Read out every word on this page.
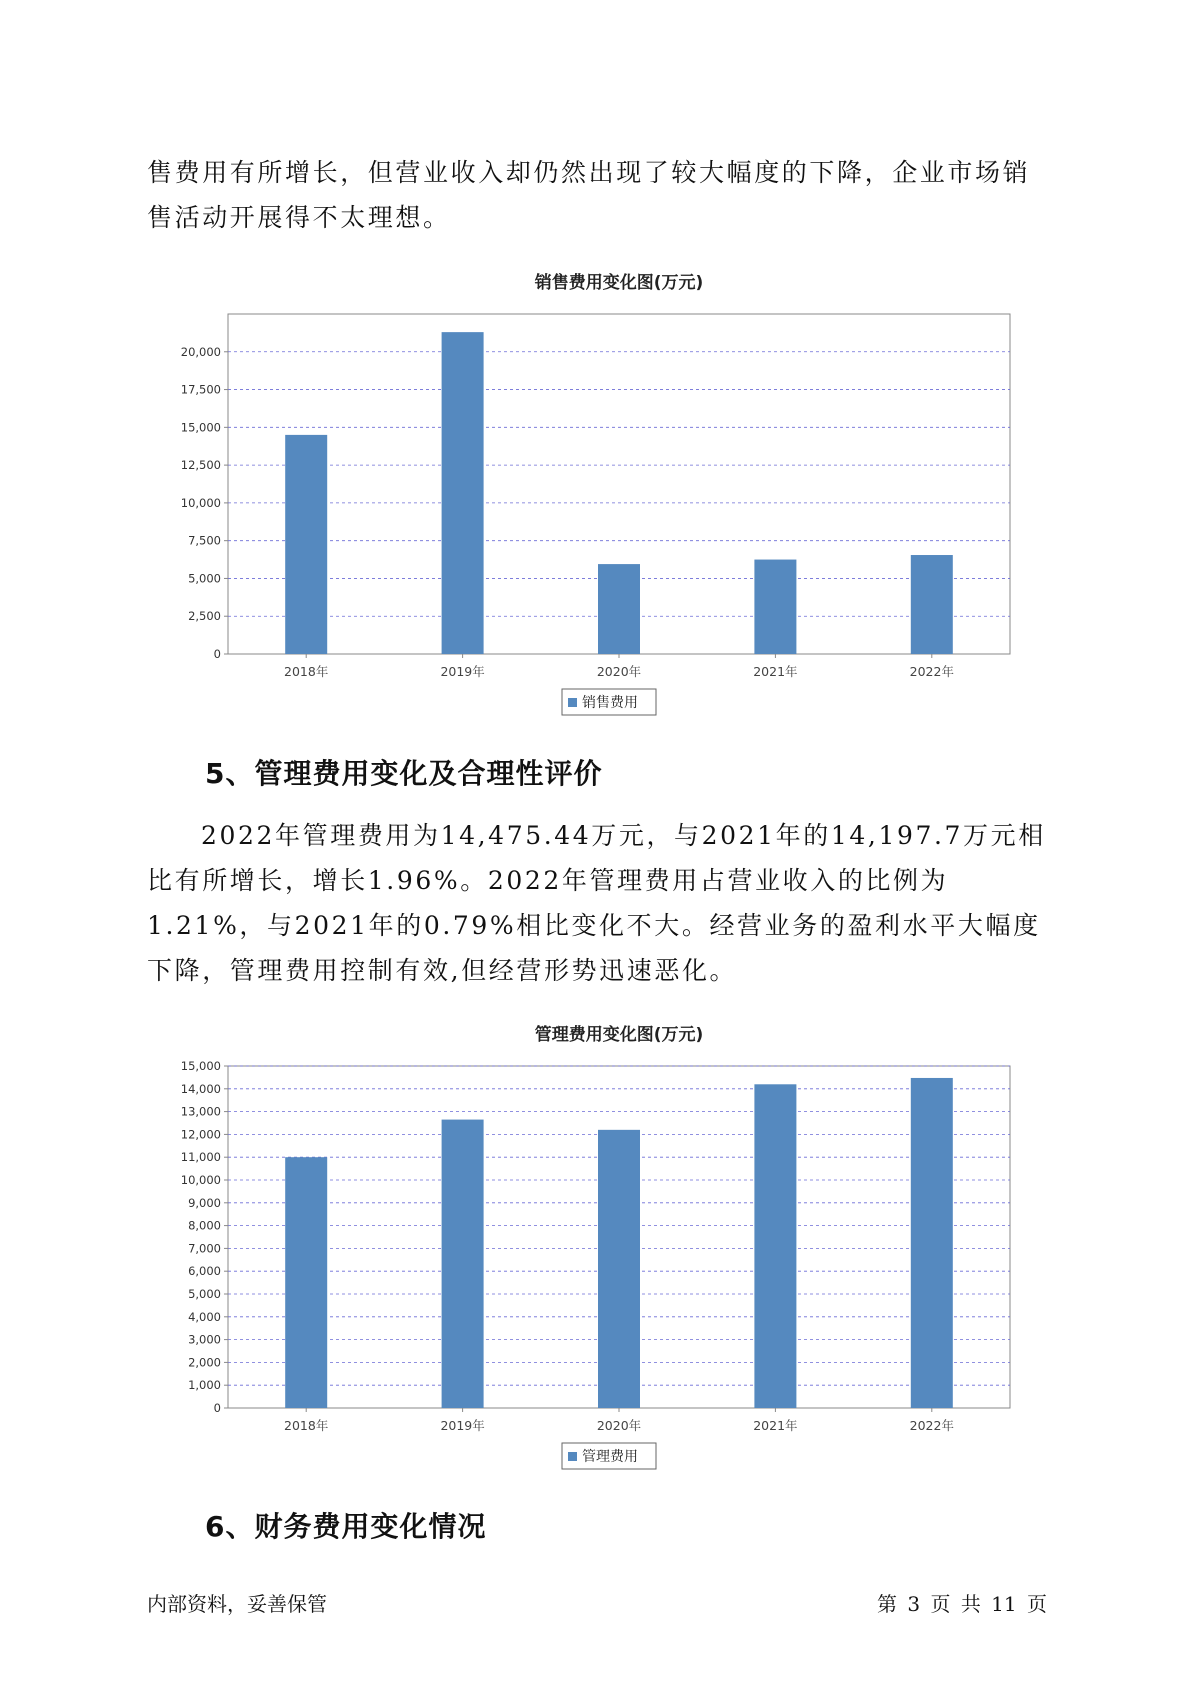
售费用有所增长，但营业收入却仍然出现了较大幅度的下降，企业市场销售活动开展得不太理想。

销售费用变化图(万元)
0
2,500
5,000
7,500
10,000
12,500
15,000
17,500
20,000
2018年	2019年	2020年	2021年	2022年
销售费用
5、管理费用变化及合理性评价

2022年管理费用为14,475.44万元，与2021年的14,197.7万元相比有所增长，增长1.96%。2022年管理费用占营业收入的比例为1.21%，与2021年的0.79%相比变化不大。经营业务的盈利水平大幅度下降，管理费用控制有效,但经营形势迅速恶化。

管理费用变化图(万元)
0
1,000
2,000
3,000
4,000
5,000
6,000
7,000
8,000
9,000
10,000
11,000
12,000
13,000
14,000
15,000
2018年	2019年	2020年	2021年	2022年
管理费用
6、财务费用变化情况
内部资料，妥善保管	第 3 页 共 11 页
